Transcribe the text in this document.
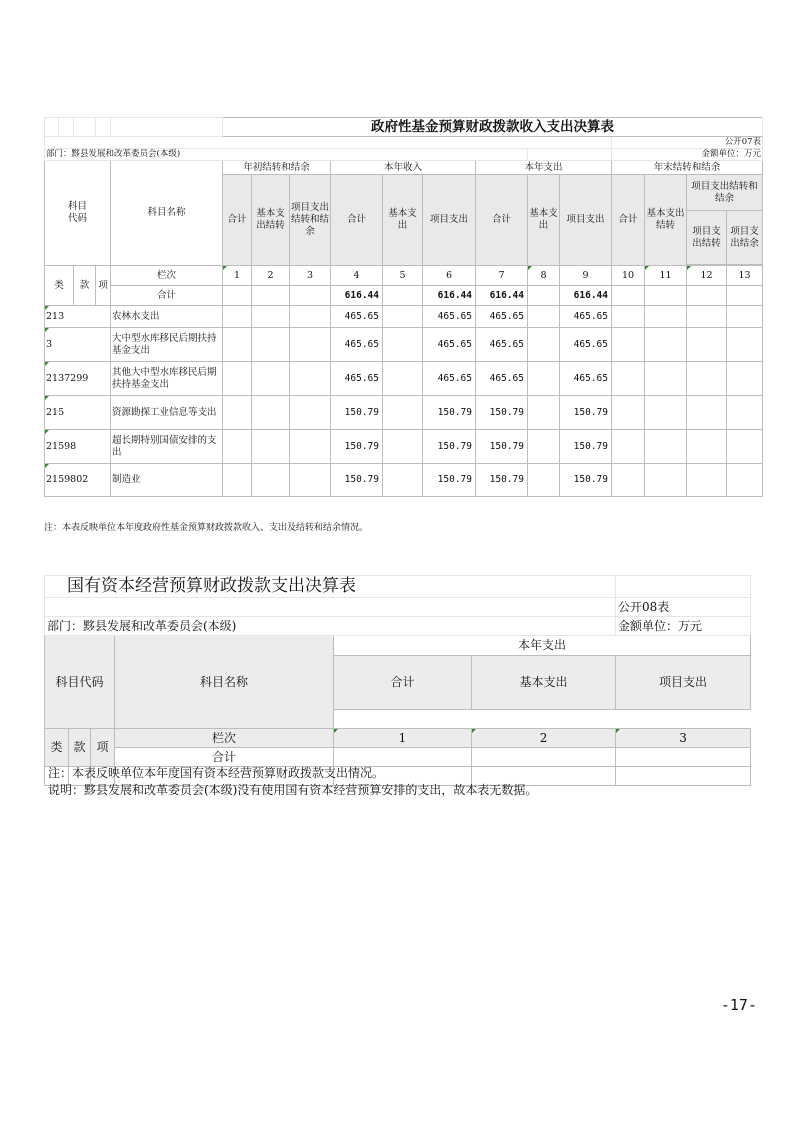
					政府性基金预算财政拨款收入支出决算表												
														公开07表			
部门：黟县发展和改革委员会(本级)														金额单位：万元			
科目
代码				科目名称	年初结转和结余			本年收入			本年支出			年末结转和结余			
					合计	基本支出结转	项目支出结转和结余	合计	基本支出	项目支出	合计	基本支出	项目支出	合计	基本支出结转	项目支出结转和结余	
																项目支出结转	项目支出结余

类		款	项	栏次	1	2	3	4	5	6	7	8	9	10	11	12	13
				合计				616.44		616.44	616.44		616.44				
213				农林水支出				465.65		465.65	465.65		465.65				
3				大中型水库移民后期扶持基金支出				465.65		465.65	465.65		465.65				
2137299				其他大中型水库移民后期扶持基金支出				465.65		465.65	465.65		465.65				
215				资源勘探工业信息等支出				150.79		150.79	150.79		150.79				
21598				超长期特别国债安排的支出				150.79		150.79	150.79		150.79				
2159802				制造业				150.79		150.79	150.79		150.79				
注：本表反映单位本年度政府性基金预算财政拨款收入、支出及结转和结余情况。
国有资本经营预算财政拨款支出决算表						
						公开08表
部门：黟县发展和改革委员会(本级)						金额单位：万元
科目代码			科目名称	本年支出		
				合计	基本支出	项目支出

类	款	项	栏次	1	2	3
			合计			

注：本表反映单位本年度国有资本经营预算财政拨款支出情况。
说明：黟县发展和改革委员会(本级)没有使用国有资本经营预算安排的支出，故本表无数据。
-17-
